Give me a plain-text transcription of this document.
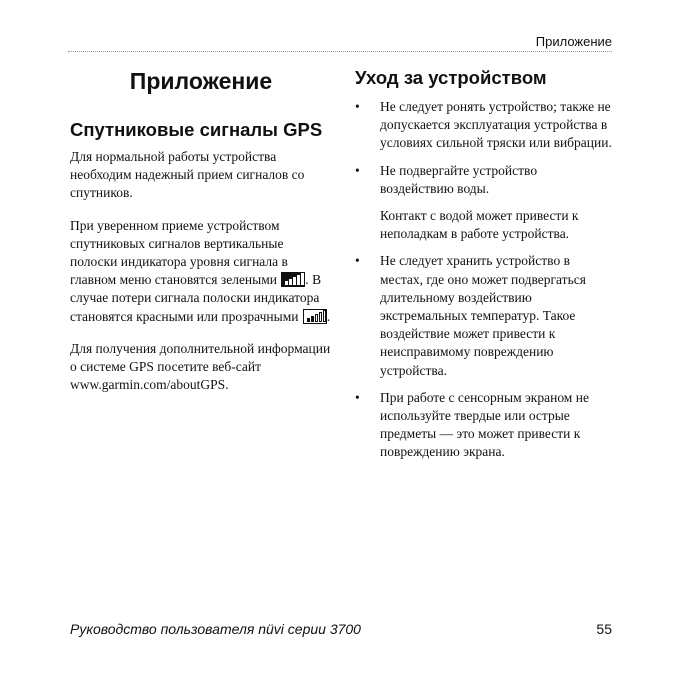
Приложение
Приложение
Спутниковые сигналы GPS

Для нормальной работы устройства необходим надежный прием сигналов со спутников.

При уверенном приеме устройством спутниковых сигналов вертикальные полоски индикатора уровня сигнала в главном меню становятся зелеными . В случае потери сигнала полоски индикатора становятся красными или прозрачными .

Для получения дополнительной информации о системе GPS посетите веб-сайт www.garmin.com/aboutGPS.

Уход за устройством
• Не следует ронять устройство; также не допускается эксплуатация устройства в условиях сильной тряски или вибрации.

• Не подвергайте устройство воздействию воды.

Контакт с водой может привести к неполадкам в работе устройства.

• Не следует хранить устройство в местах, где оно может подвергаться длительному воздействию экстремальных температур. Такое воздействие может привести к неисправимому повреждению устройства.

• При работе с сенсорным экраном не используйте твердые или острые предметы — это может привести к повреждению экрана.

Руководство пользователя nüvi серии 3700	55
